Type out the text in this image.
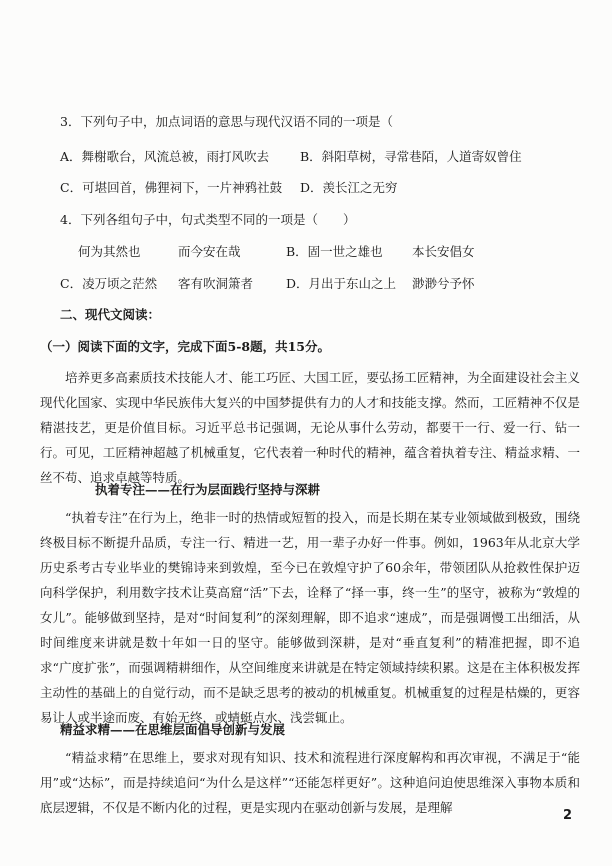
3．下列句子中，加点词语的意思与现代汉语不同的一项是（
A．舞榭歌台，风流总被，雨打风吹去 B．斜阳草树，寻常巷陌，人道寄奴曾住
C．可堪回首，佛狸祠下，一片神鸦社鼓 D．羡长江之无穷
4．下列各组句子中，句式类型不同的一项是（　　）
何为其然也	而今安在哉	B．固一世之雄也 本长安倡女
C．凌万顷之茫然 客有吹洞箫者	D．月出于东山之上 渺渺兮予怀
二、现代文阅读：
（一）阅读下面的文字，完成下面5-8题，共15分。
培养更多高素质技术技能人才、能工巧匠、大国工匠，要弘扬工匠精神，为全面建设社会主义现代化国家、实现中华民族伟大复兴的中国梦提供有力的人才和技能支撑。然而，工匠精神不仅是精湛技艺，更是价值目标。习近平总书记强调，无论从事什么劳动，都要干一行、爱一行、钻一行。可见，工匠精神超越了机械重复，它代表着一种时代的精神，蕴含着执着专注、精益求精、一丝不苟、追求卓越等特质。
执着专注——在行为层面践行坚持与深耕
“执着专注”在行为上，绝非一时的热情或短暂的投入，而是长期在某专业领域做到极致，围绕终极目标不断提升品质，专注一行、精进一艺，用一辈子办好一件事。例如，1963年从北京大学历史系考古专业毕业的樊锦诗来到敦煌，至今已在敦煌守护了60余年，带领团队从抢救性保护迈向科学保护，利用数字技术让莫高窟“活”下去，诠释了“择一事，终一生”的坚守，被称为“敦煌的女儿”。能够做到坚持，是对“时间复利”的深刻理解，即不追求“速成”，而是强调慢工出细活，从时间维度来讲就是数十年如一日的坚守。能够做到深耕，是对“垂直复利”的精准把握，即不追求“广度扩张”，而强调精耕细作，从空间维度来讲就是在特定领域持续积累。这是在主体积极发挥主动性的基础上的自觉行动，而不是缺乏思考的被动的机械重复。机械重复的过程是枯燥的，更容易让人或半途而废、有始无终，或蜻蜓点水、浅尝辄止。
精益求精——在思维层面倡导创新与发展
“精益求精”在思维上，要求对现有知识、技术和流程进行深度解构和再次审视，不满足于“能用”或“达标”，而是持续追问“为什么是这样”“还能怎样更好”。这种追问迫使思维深入事物本质和底层逻辑，不仅是不断内化的过程，更是实现内在驱动创新与发展，是理解
2
